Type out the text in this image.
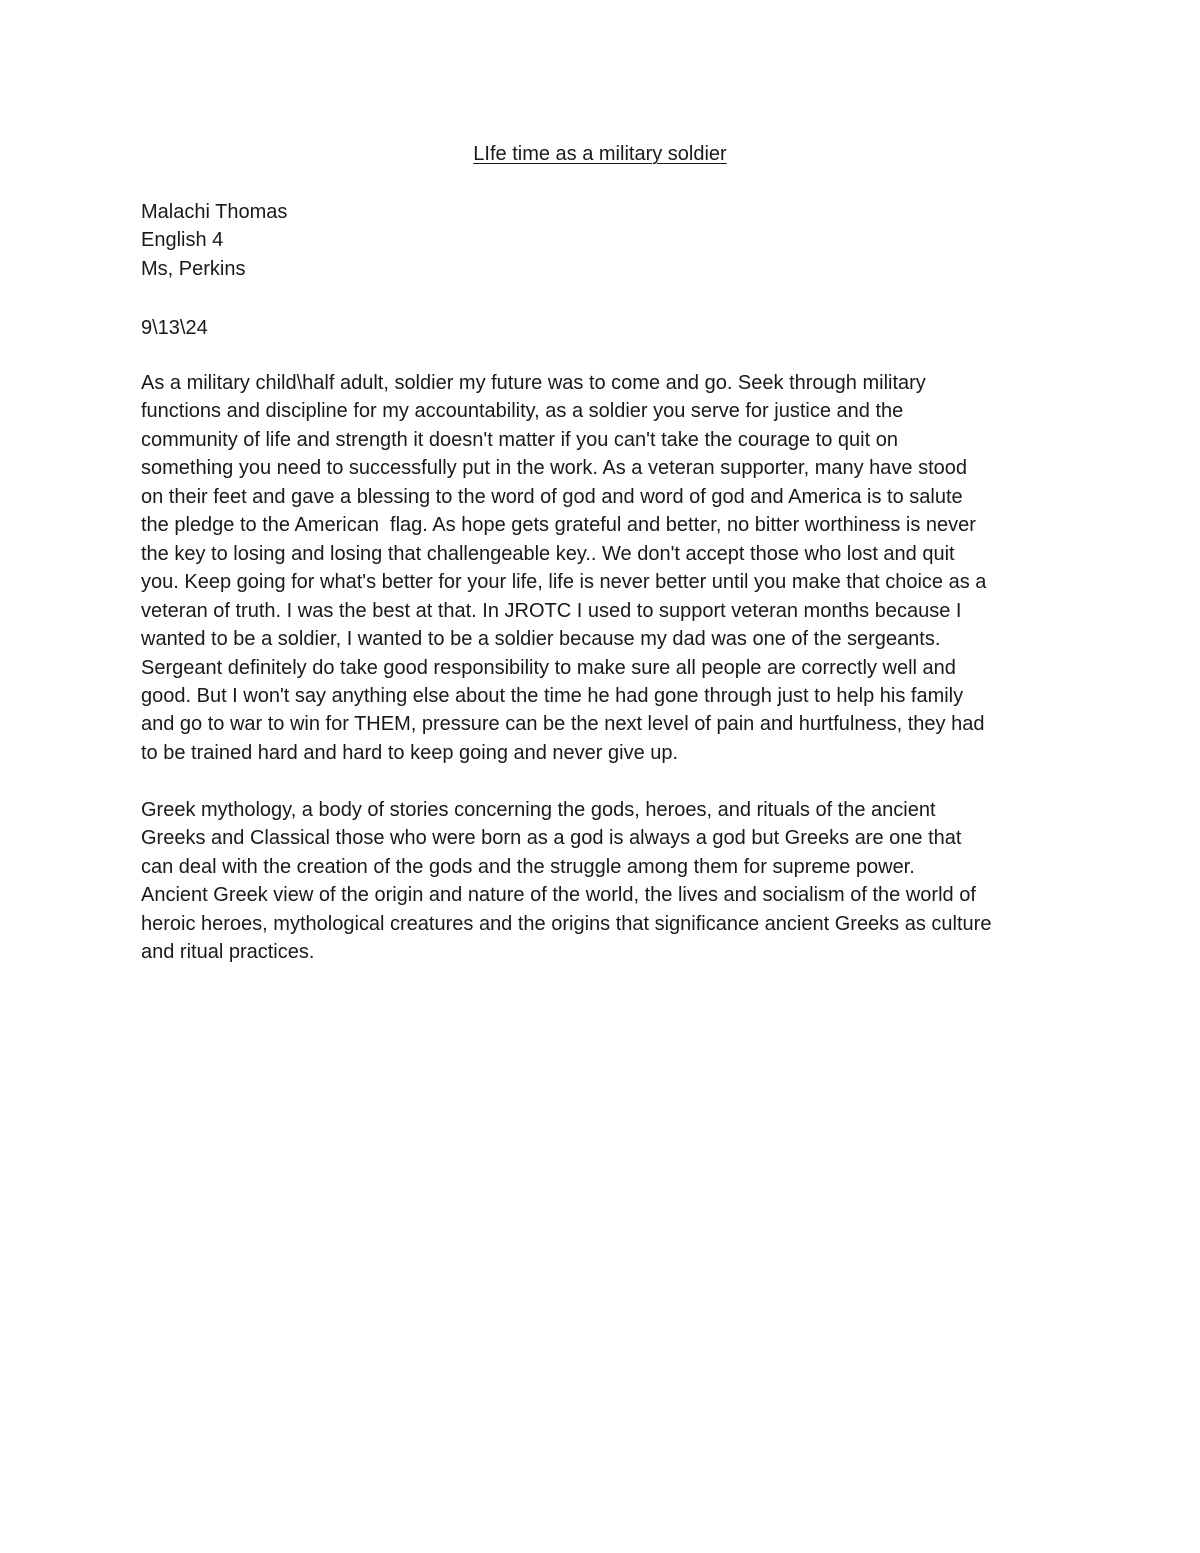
LIfe time as a military soldier
Malachi Thomas
English 4
Ms, Perkins
9\13\24
As a military child\half adult, soldier my future was to come and go. Seek through military
functions and discipline for my accountability, as a soldier you serve for justice and the
community of life and strength it doesn't matter if you can't take the courage to quit on
something you need to successfully put in the work. As a veteran supporter, many have stood
on their feet and gave a blessing to the word of god and word of god and America is to salute
the pledge to the American  flag. As hope gets grateful and better, no bitter worthiness is never
the key to losing and losing that challengeable key.. We don't accept those who lost and quit
you. Keep going for what's better for your life, life is never better until you make that choice as a
veteran of truth. I was the best at that. In JROTC I used to support veteran months because I
wanted to be a soldier, I wanted to be a soldier because my dad was one of the sergeants.
Sergeant definitely do take good responsibility to make sure all people are correctly well and
good. But I won't say anything else about the time he had gone through just to help his family
and go to war to win for THEM, pressure can be the next level of pain and hurtfulness, they had
to be trained hard and hard to keep going and never give up.
Greek mythology, a body of stories concerning the gods, heroes, and rituals of the ancient
Greeks and Classical those who were born as a god is always a god but Greeks are one that
can deal with the creation of the gods and the struggle among them for supreme power.
Ancient Greek view of the origin and nature of the world, the lives and socialism of the world of
heroic heroes, mythological creatures and the origins that significance ancient Greeks as culture
and ritual practices.
